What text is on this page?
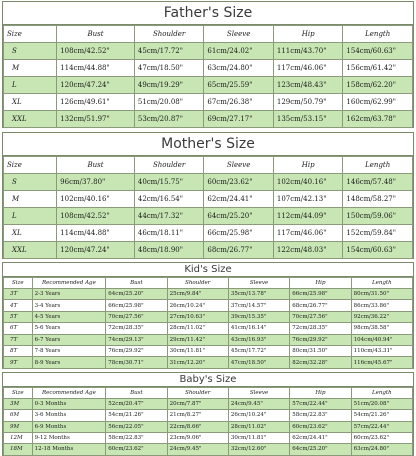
Father's Size
Size	Bust	Shoulder	Sleeve	Hip	Length
S	108cm/42.52"	45cm/17.72"	61cm/24.02"	111cm/43.70"	154cm/60.63"
M	114cm/44.88"	47cm/18.50"	63cm/24.80"	117cm/46.06"	156cm/61.42"
L	120cm/47.24"	49cm/19.29"	65cm/25.59"	123cm/48.43"	158cm/62.20"
XL	126cm/49.61"	51cm/20.08"	67cm/26.38"	129cm/50.79"	160cm/62.99"
XXL	132cm/51.97"	53cm/20.87"	69cm/27.17"	135cm/53.15"	162cm/63.78"
Mother's Size
Size	Bust	Shoulder	Sleeve	Hip	Length
S	96cm/37.80"	40cm/15.75"	60cm/23.62"	102cm/40.16"	146cm/57.48"
M	102cm/40.16"	42cm/16.54"	62cm/24.41"	107cm/42.13"	148cm/58.27"
L	108cm/42.52"	44cm/17.32"	64cm/25.20"	112cm/44.09"	150cm/59.06"
XL	114cm/44.88"	46cm/18.11"	66cm/25.98"	117cm/46.06"	152cm/59.84"
XXL	120cm/47.24"	48cm/18.90"	68cm/26.77"	122cm/48.03"	154cm/60.63"
Kid's Size
Size	Recommended Age	Bust	Shoulder	Sleeve	Hip	Length
3T	2-3 Years	64cm/25.20"	25cm/9.84"	35cm/13.78"	66cm/25.98"	80cm/31.50"
4T	3-4 Years	66cm/25.98"	26cm/10.24"	37cm/14.57"	68cm/26.77"	86cm/33.86"
5T	4-5 Years	70cm/27.56"	27cm/10.63"	39cm/15.35"	70cm/27.56"	92cm/36.22"
6T	5-6 Years	72cm/28.35"	28cm/11.02"	41cm/16.14"	72cm/28.35"	98cm/38.58"
7T	6-7 Years	74cm/29.13"	29cm/11.42"	43cm/16.93"	76cm/29.92"	104cm/40.94"
8T	7-8 Years	76cm/29.92"	30cm/11.81"	45cm/17.72"	80cm/31.50"	110cm/43.31"
9T	8-9 Years	78cm/30.71"	31cm/12.20"	47cm/18.50"	82cm/32.28"	116cm/45.67"
Baby's Size
Size	Recommended Age	Bust	Shoulder	Sleeve	Hip	Length
3M	0-3 Months	52cm/20.47"	20cm/7.87"	24cm/9.45"	57cm/22.44"	51cm/20.08"
6M	3-6 Months	54cm/21.26"	21cm/8.27"	26cm/10.24"	58cm/22.83"	54cm/21.26"
9M	6-9 Months	56cm/22.05"	22cm/8.66"	28cm/11.02"	60cm/23.62"	57cm/22.44"
12M	9-12 Months	58cm/22.83"	23cm/9.06"	30cm/11.81"	62cm/24.41"	60cm/23.62"
18M	12-18 Months	60cm/23.62"	24cm/9.45"	32cm/12.60"	64cm/25.20"	63cm/24.80"
